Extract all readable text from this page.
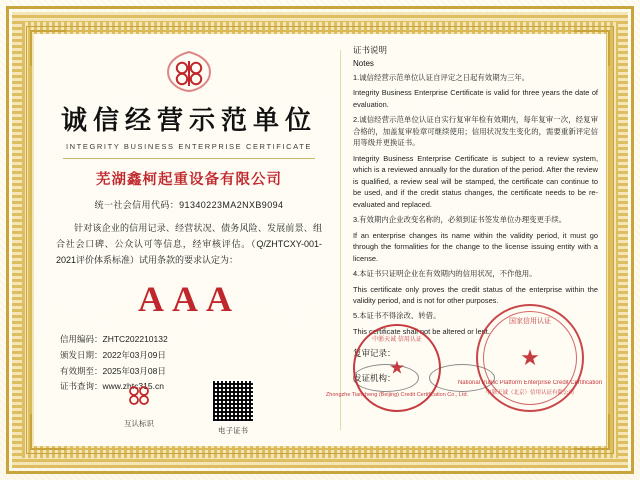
诚信经营示范单位
INTEGRITY BUSINESS ENTERPRISE CERTIFICATE
芜湖鑫柯起重设备有限公司
统一社会信用代码：91340223MA2NXB9094
针对该企业的信用记录、经营状况、债务风险、发展前景、组合社会口碑、公众认可等信息，经审核评估。（Q/ZHTCXY-001-2021评价体系标准）试用条款的要求认定为：
AAA
信用编码：ZHTC202210132
颁发日期：2022年03月09日
有效期至：2025年03月08日
证书查询：www.zhtc315.cn
互认标识
电子证书
证书说明
Notes
1.诚信经营示范单位认证自评定之日起有效期为三年。
Integrity Business Enterprise Certificate is valid for three years the date of evaluation.
2.诚信经营示范单位认证自实行复审年检有效期内，每年复审一次，经复审合格的，加盖复审验章可继续使用；信用状况发生变化的，需要重新评定信用等级并更换证书。
Integrity Business Enterprise Certificate is subject to a review system, which is a reviewed annually for the duration of the period. After the review is qualified, a review seal will be stamped, the certificate can continue to be used, and if the credit status changes, the certificate needs to be re-evaluated and replaced.
3.有效期内企业改变名称的，必须到证书签发单位办理变更手续。
If an enterprise changes its name within the validity period, it must go through the formalities for the change to the license issuing entity with a license.
4.本证书只证明企业在有效期内的信用状况，不作他用。
This certificate only proves the credit status of the enterprise within the validity period, and is not for other purposes.
5.本证书不得涂改、转借。
This certificate shall not be altered or lent.
复审记录：
发证机构：
中浙天诚 信用认证
★
Zhongzhe Tiancheng (Beijing) Credit Certification Co., Ltd.
国家信用认证
★
National Public Platform Enterprise Credit Certification
中浙天诚（北京）信用认证有限公司
